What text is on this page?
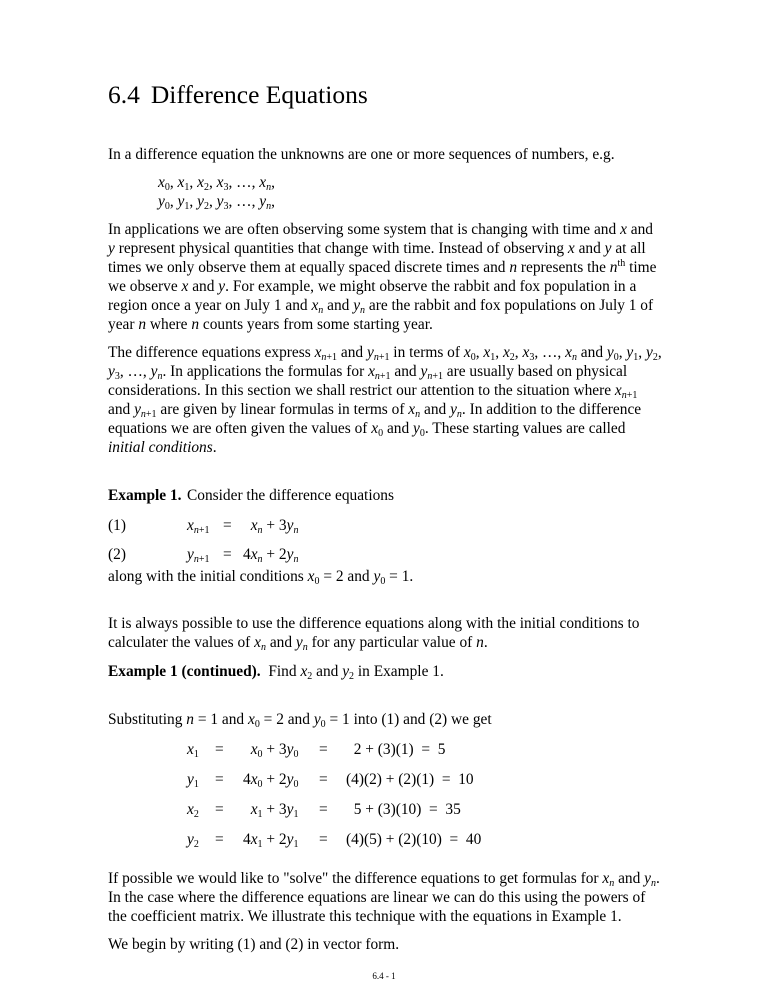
6.4 Difference Equations

In a difference equation the unknowns are one or more sequences of numbers, e.g.

$x_0$, $x_1$, $x_2$, $x_3$, …, $x_n$,
$y_0$, $y_1$, $y_2$, $y_3$, …, $y_n$,

In applications we are often observing some system that is changing with time and x and
y represent physical quantities that change with time. Instead of observing x and y at all
times we only observe them at equally spaced discrete times and n represents the $n^{th}$ time
we observe x and y. For example, we might observe the rabbit and fox population in a
region once a year on July 1 and $x_n$ and $y_n$ are the rabbit and fox populations on July 1 of
year n where n counts years from some starting year.

The difference equations express $x_{n+1}$ and $y_{n+1}$ in terms of $x_0$, $x_1$, $x_2$, $x_3$, …, $x_n$ and $y_0$, $y_1$, $y_2$,
$y_3$, …, $y_n$. In applications the formulas for $x_{n+1}$ and $y_{n+1}$ are usually based on physical
considerations. In this section we shall restrict our attention to the situation where $x_{n+1}$
and $y_{n+1}$ are given by linear formulas in terms of $x_n$ and $y_n$. In addition to the difference
equations we are often given the values of $x_0$ and $y_0$. These starting values are called
initial conditions.

Example 1. Consider the difference equations
(1)	$x_{n+1} = x_n + 3y_n$
(2)	$y_{n+1} = 4x_n + 2y_n$
along with the initial conditions $x_0 = 2$ and $y_0 = 1$.

It is always possible to use the difference equations along with the initial conditions to
calculater the values of $x_n$ and $y_n$ for any particular value of n.

Example 1 (continued). Find $x_2$ and $y_2$ in Example 1.
Substituting n = 1 and $x_0 = 2$ and $y_0 = 1$ into (1) and (2) we get
$x_1 = x_0 + 3y_0 = 2 + (3)(1) = 5$
$y_1 = 4x_0 + 2y_0 = (4)(2) + (2)(1) = 10$
$x_2 = x_1 + 3y_1 = 5 + (3)(10) = 35$
$y_2 = 4x_1 + 2y_1 = (4)(5) + (2)(10) = 40$

If possible we would like to "solve" the difference equations to get formulas for $x_n$ and $y_n$.
In the case where the difference equations are linear we can do this using the powers of
the coefficient matrix. We illustrate this technique with the equations in Example 1.

We begin by writing (1) and (2) in vector form.

6.4 - 1
